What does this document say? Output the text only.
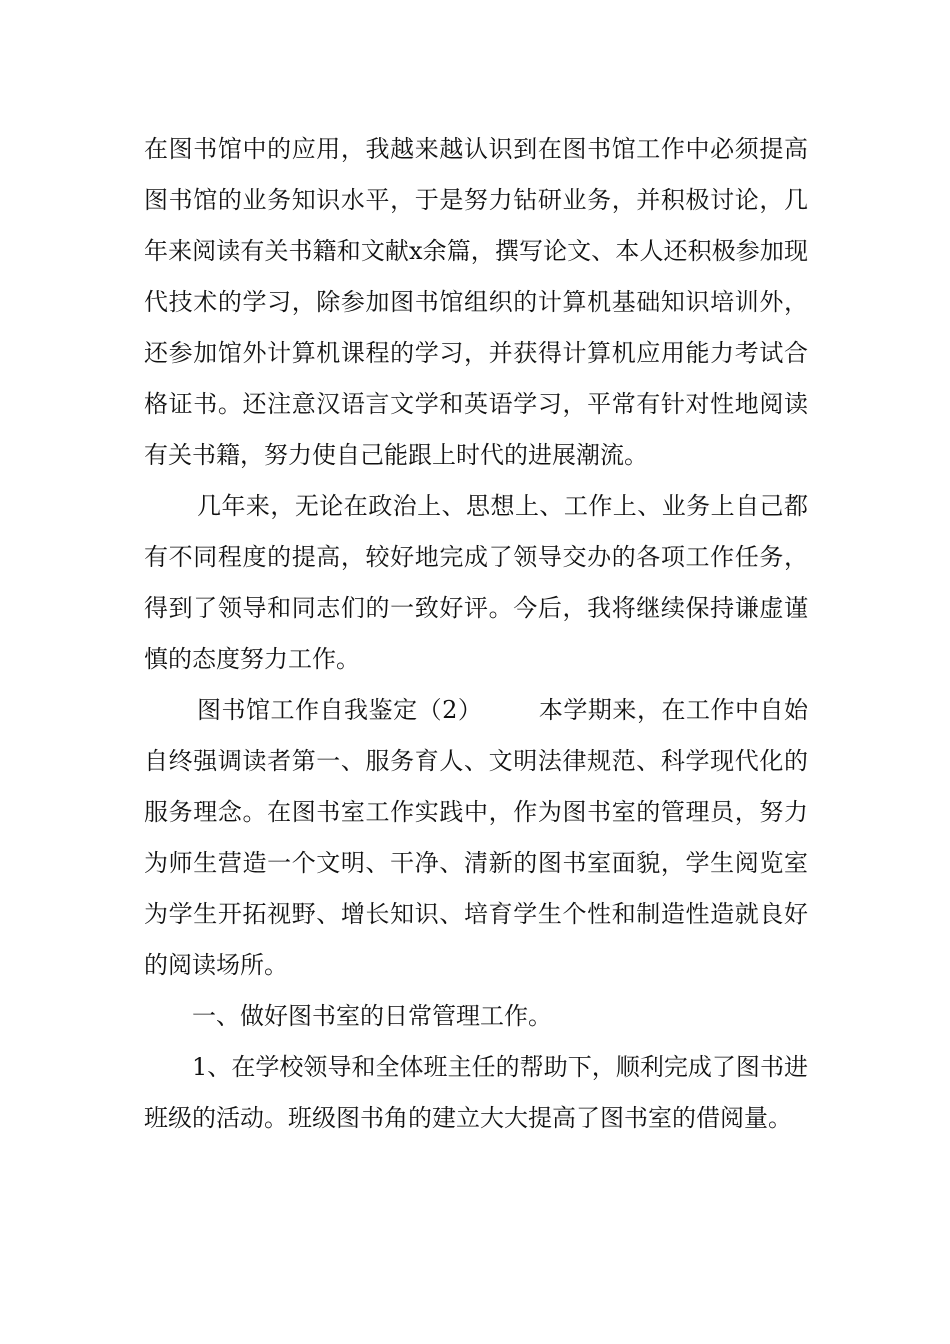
在图书馆中的应用，我越来越认识到在图书馆工作中必须提高图书馆的业务知识水平，于是努力钻研业务，并积极讨论，几年来阅读有关书籍和文献x余篇，撰写论文、本人还积极参加现代技术的学习，除参加图书馆组织的计算机基础知识培训外，还参加馆外计算机课程的学习，并获得计算机应用能力考试合格证书。还注意汉语言文学和英语学习，平常有针对性地阅读有关书籍，努力使自己能跟上时代的进展潮流。

几年来，无论在政治上、思想上、工作上、业务上自己都有不同程度的提高，较好地完成了领导交办的各项工作任务，得到了领导和同志们的一致好评。今后，我将继续保持谦虚谨慎的态度努力工作。

图书馆工作自我鉴定（2） 本学期来，在工作中自始自终强调读者第一、服务育人、文明法律规范、科学现代化的服务理念。在图书室工作实践中，作为图书室的管理员，努力为师生营造一个文明、干净、清新的图书室面貌，学生阅览室为学生开拓视野、增长知识、培育学生个性和制造性造就良好的阅读场所。

一、做好图书室的日常管理工作。

1、在学校领导和全体班主任的帮助下，顺利完成了图书进班级的活动。班级图书角的建立大大提高了图书室的借阅量。
